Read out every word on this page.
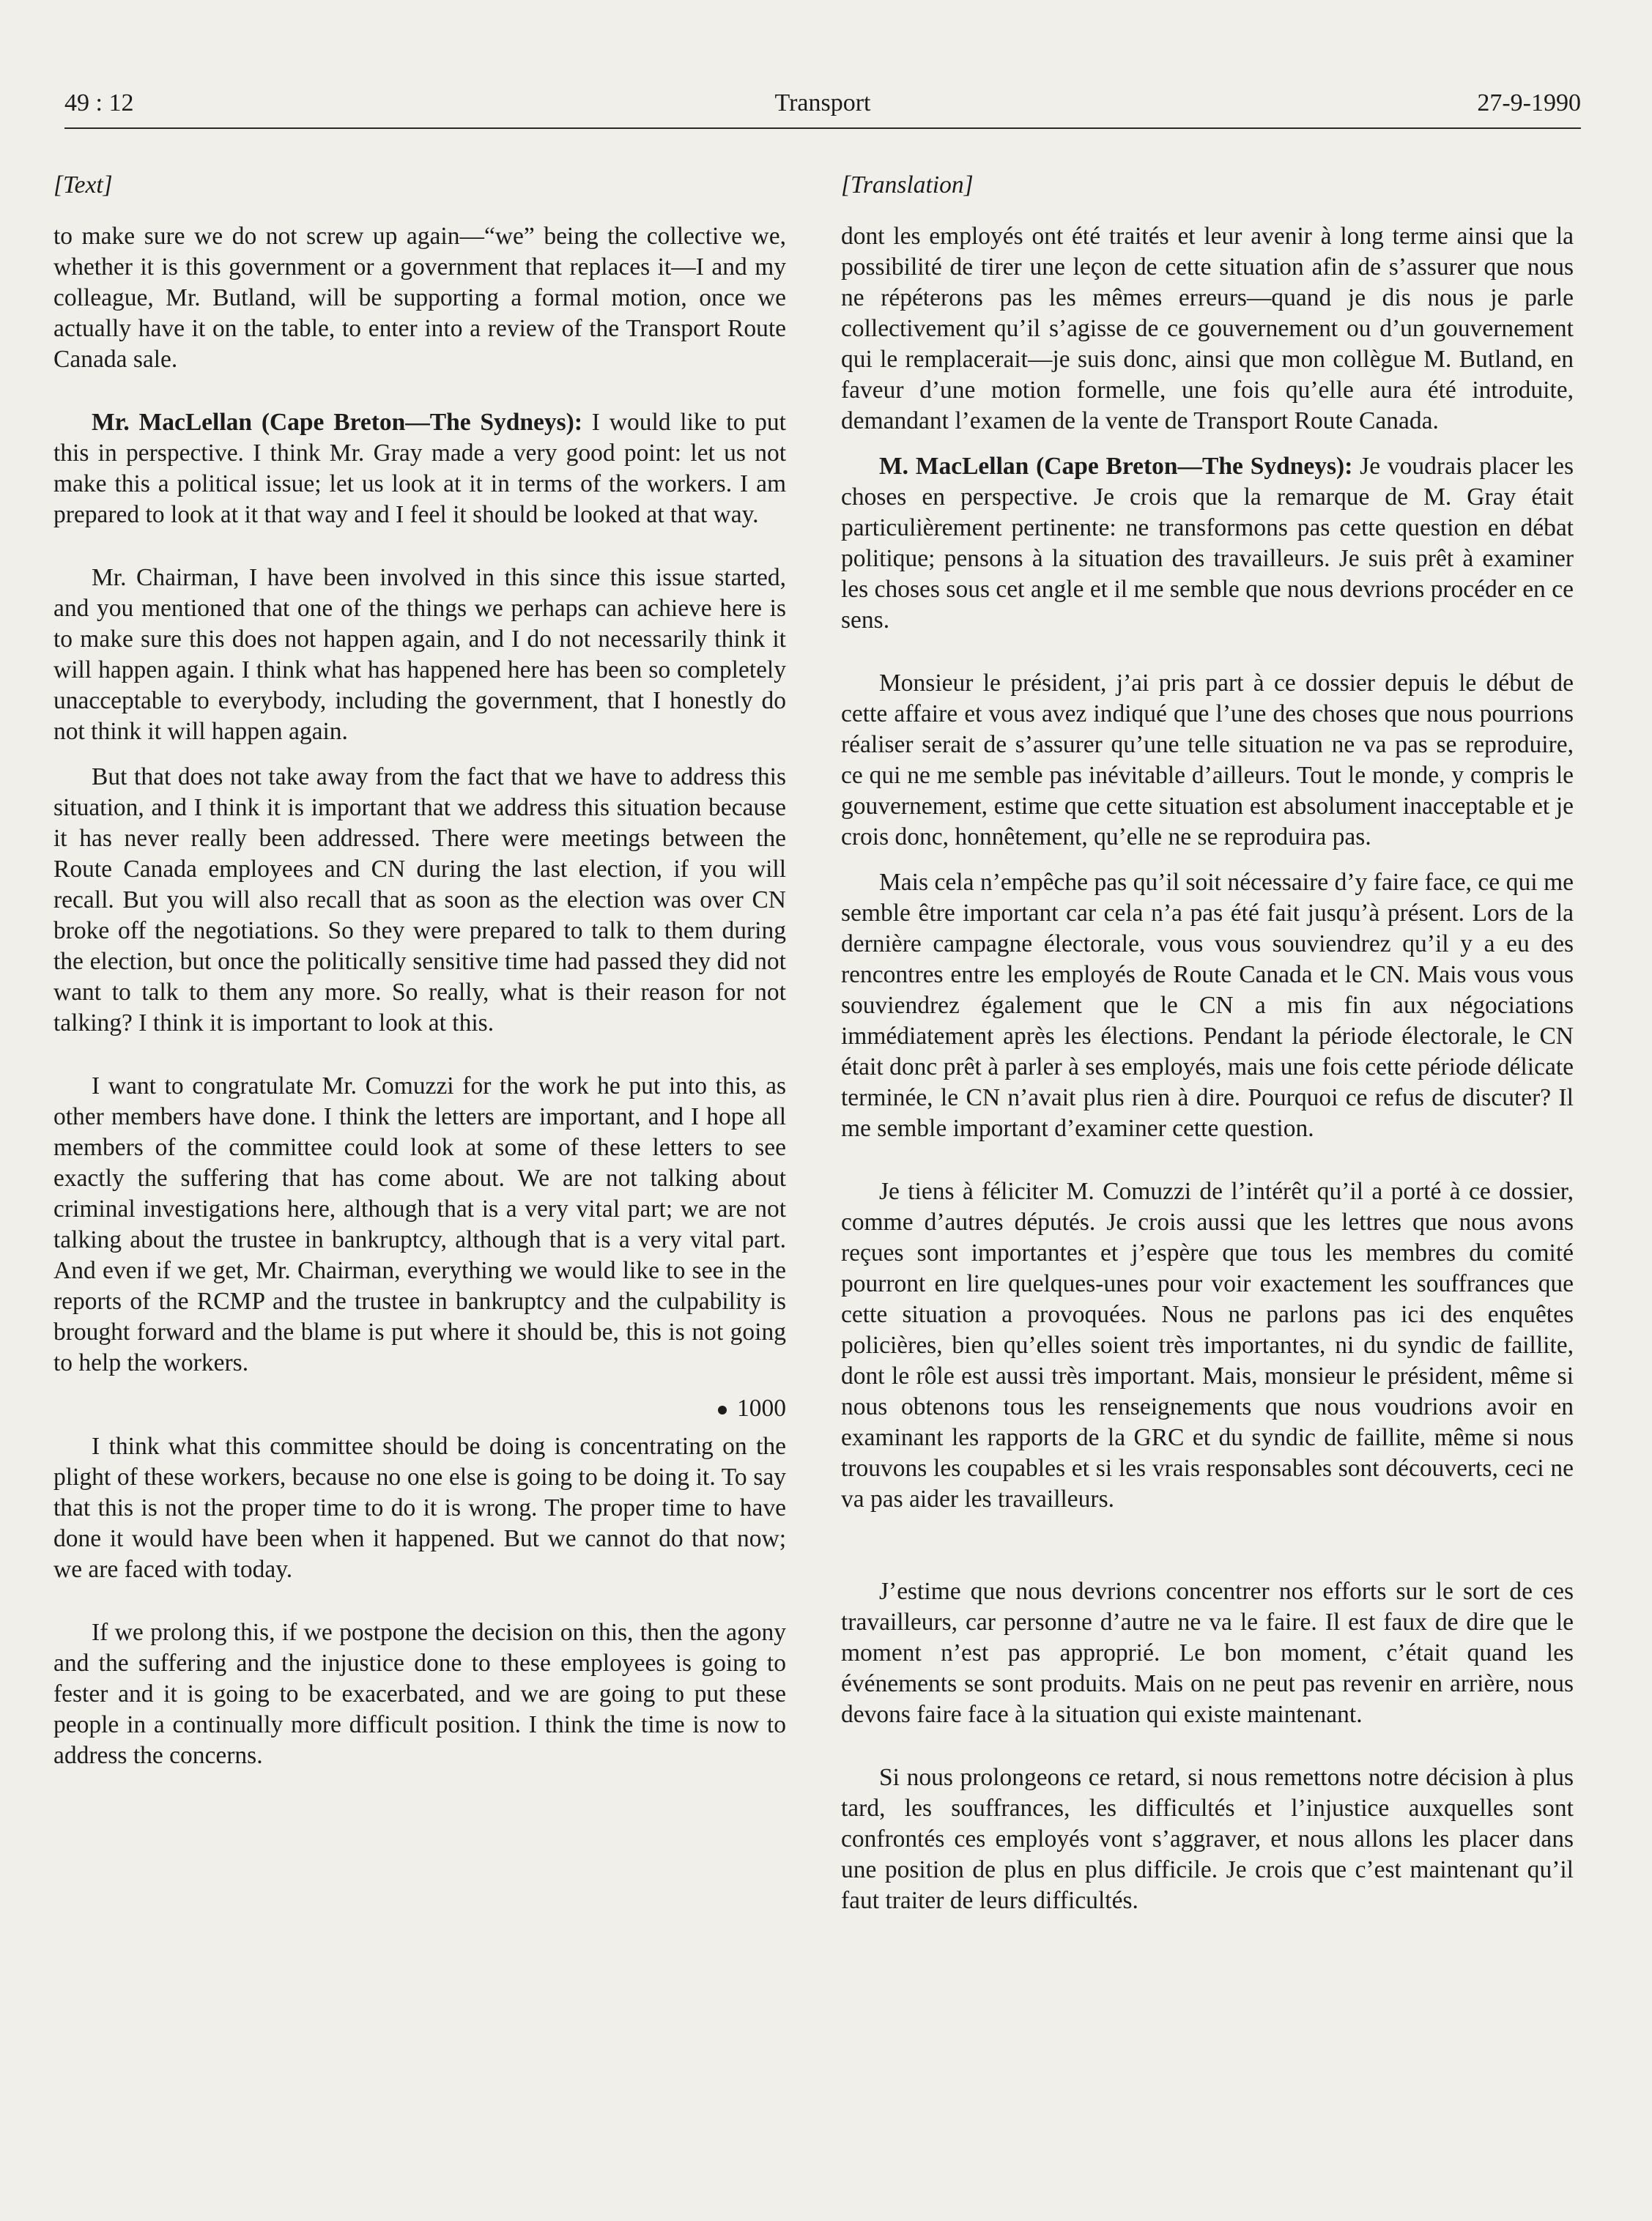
49 : 12	Transport	27-9-1990
[Text]

to make sure we do not screw up again—“we” being the collective we, whether it is this government or a government that replaces it—I and my colleague, Mr. Butland, will be supporting a formal motion, once we actually have it on the table, to enter into a review of the Transport Route Canada sale.

Mr. MacLellan (Cape Breton—The Sydneys): I would like to put this in perspective. I think Mr. Gray made a very good point: let us not make this a political issue; let us look at it in terms of the workers. I am prepared to look at it that way and I feel it should be looked at that way.

Mr. Chairman, I have been involved in this since this issue started, and you mentioned that one of the things we perhaps can achieve here is to make sure this does not happen again, and I do not necessarily think it will happen again. I think what has happened here has been so completely unacceptable to everybody, including the government, that I honestly do not think it will happen again.

But that does not take away from the fact that we have to address this situation, and I think it is important that we address this situation because it has never really been addressed. There were meetings between the Route Canada employees and CN during the last election, if you will recall. But you will also recall that as soon as the election was over CN broke off the negotiations. So they were prepared to talk to them during the election, but once the politically sensitive time had passed they did not want to talk to them any more. So really, what is their reason for not talking? I think it is important to look at this.

I want to congratulate Mr. Comuzzi for the work he put into this, as other members have done. I think the letters are important, and I hope all members of the committee could look at some of these letters to see exactly the suffering that has come about. We are not talking about criminal investigations here, although that is a very vital part; we are not talking about the trustee in bankruptcy, although that is a very vital part. And even if we get, Mr. Chairman, everything we would like to see in the reports of the RCMP and the trustee in bankruptcy and the culpability is brought forward and the blame is put where it should be, this is not going to help the workers.

1000

I think what this committee should be doing is concentrating on the plight of these workers, because no one else is going to be doing it. To say that this is not the proper time to do it is wrong. The proper time to have done it would have been when it happened. But we cannot do that now; we are faced with today.

If we prolong this, if we postpone the decision on this, then the agony and the suffering and the injustice done to these employees is going to fester and it is going to be exacerbated, and we are going to put these people in a continually more difficult position. I think the time is now to address the concerns.

[Translation]

dont les employés ont été traités et leur avenir à long terme ainsi que la possibilité de tirer une leçon de cette situation afin de s’assurer que nous ne répéterons pas les mêmes erreurs—quand je dis nous je parle collectivement qu’il s’agisse de ce gouvernement ou d’un gouvernement qui le remplacerait—je suis donc, ainsi que mon collègue M. Butland, en faveur d’une motion formelle, une fois qu’elle aura été introduite, demandant l’examen de la vente de Transport Route Canada.

M. MacLellan (Cape Breton—The Sydneys): Je voudrais placer les choses en perspective. Je crois que la remarque de M. Gray était particulièrement pertinente: ne transformons pas cette question en débat politique; pensons à la situation des travailleurs. Je suis prêt à examiner les choses sous cet angle et il me semble que nous devrions procéder en ce sens.

Monsieur le président, j’ai pris part à ce dossier depuis le début de cette affaire et vous avez indiqué que l’une des choses que nous pourrions réaliser serait de s’assurer qu’une telle situation ne va pas se reproduire, ce qui ne me semble pas inévitable d’ailleurs. Tout le monde, y compris le gouvernement, estime que cette situation est absolument inacceptable et je crois donc, honnêtement, qu’elle ne se reproduira pas.

Mais cela n’empêche pas qu’il soit nécessaire d’y faire face, ce qui me semble être important car cela n’a pas été fait jusqu’à présent. Lors de la dernière campagne électorale, vous vous souviendrez qu’il y a eu des rencontres entre les employés de Route Canada et le CN. Mais vous vous souviendrez également que le CN a mis fin aux négociations immédiatement après les élections. Pendant la période électorale, le CN était donc prêt à parler à ses employés, mais une fois cette période délicate terminée, le CN n’avait plus rien à dire. Pourquoi ce refus de discuter? Il me semble important d’examiner cette question.

Je tiens à féliciter M. Comuzzi de l’intérêt qu’il a porté à ce dossier, comme d’autres députés. Je crois aussi que les lettres que nous avons reçues sont importantes et j’espère que tous les membres du comité pourront en lire quelques-unes pour voir exactement les souffrances que cette situation a provoquées. Nous ne parlons pas ici des enquêtes policières, bien qu’elles soient très importantes, ni du syndic de faillite, dont le rôle est aussi très important. Mais, monsieur le président, même si nous obtenons tous les renseignements que nous voudrions avoir en examinant les rapports de la GRC et du syndic de faillite, même si nous trouvons les coupables et si les vrais responsables sont découverts, ceci ne va pas aider les travailleurs.

J’estime que nous devrions concentrer nos efforts sur le sort de ces travailleurs, car personne d’autre ne va le faire. Il est faux de dire que le moment n’est pas approprié. Le bon moment, c’était quand les événements se sont produits. Mais on ne peut pas revenir en arrière, nous devons faire face à la situation qui existe maintenant.

Si nous prolongeons ce retard, si nous remettons notre décision à plus tard, les souffrances, les difficultés et l’injustice auxquelles sont confrontés ces employés vont s’aggraver, et nous allons les placer dans une position de plus en plus difficile. Je crois que c’est maintenant qu’il faut traiter de leurs difficultés.
